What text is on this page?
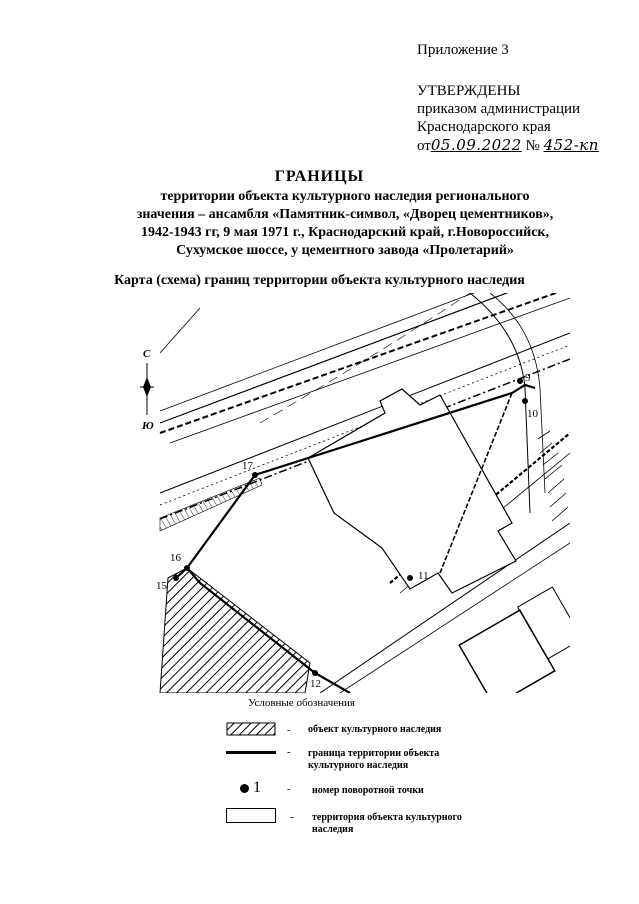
Приложение 3
УТВЕРЖДЕНЫ
приказом администрации
Краснодарского края
от05.09.2022 № 452-кп
ГРАНИЦЫ
территории объекта культурного наследия регионального
значения – ансамбля «Памятник-символ, «Дворец цементников»,
1942-1943 гг, 9 мая 1971 г., Краснодарский край, г.Новороссийск,
Сухумское шоссе, у цементного завода «Пролетарий»
Карта (схема) границ территории объекта культурного наследия
17
16
15
12
11
10
9
С
Ю
Условные обозначения
- объект культурного наследия
- граница территории объекта
культурного наследия
1 - номер поворотной точки
- территория объекта культурного
наследия
